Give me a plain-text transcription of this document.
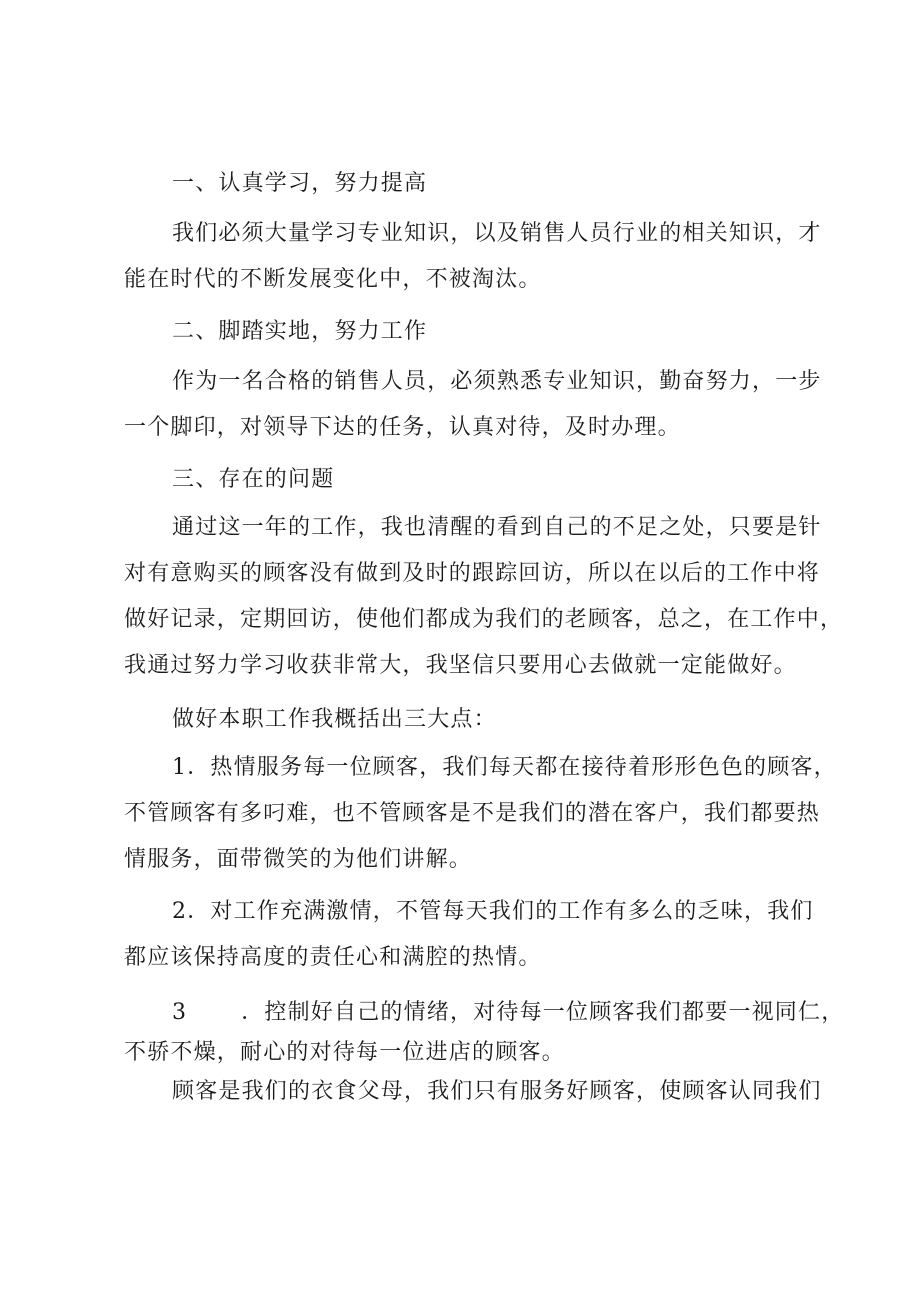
一、认真学习，努力提高
我们必须大量学习专业知识，以及销售人员行业的相关知识，才
能在时代的不断发展变化中，不被淘汰。
二、脚踏实地，努力工作
作为一名合格的销售人员，必须熟悉专业知识，勤奋努力，一步
一个脚印，对领导下达的任务，认真对待，及时办理。
三、存在的问题
通过这一年的工作，我也清醒的看到自己的不足之处，只要是针
对有意购买的顾客没有做到及时的跟踪回访，所以在以后的工作中将
做好记录，定期回访，使他们都成为我们的老顾客，总之，在工作中，
我通过努力学习收获非常大，我坚信只要用心去做就一定能做好。
做好本职工作我概括出三大点：
1．热情服务每一位顾客，我们每天都在接待着形形色色的顾客，
不管顾客有多叼难，也不管顾客是不是我们的潜在客户，我们都要热
情服务，面带微笑的为他们讲解。
2．对工作充满激情，不管每天我们的工作有多么的乏味，我们
都应该保持高度的责任心和满腔的热情。
3 ．控制好自己的情绪，对待每一位顾客我们都要一视同仁，
不骄不燥，耐心的对待每一位进店的顾客。
顾客是我们的衣食父母，我们只有服务好顾客，使顾客认同我们
